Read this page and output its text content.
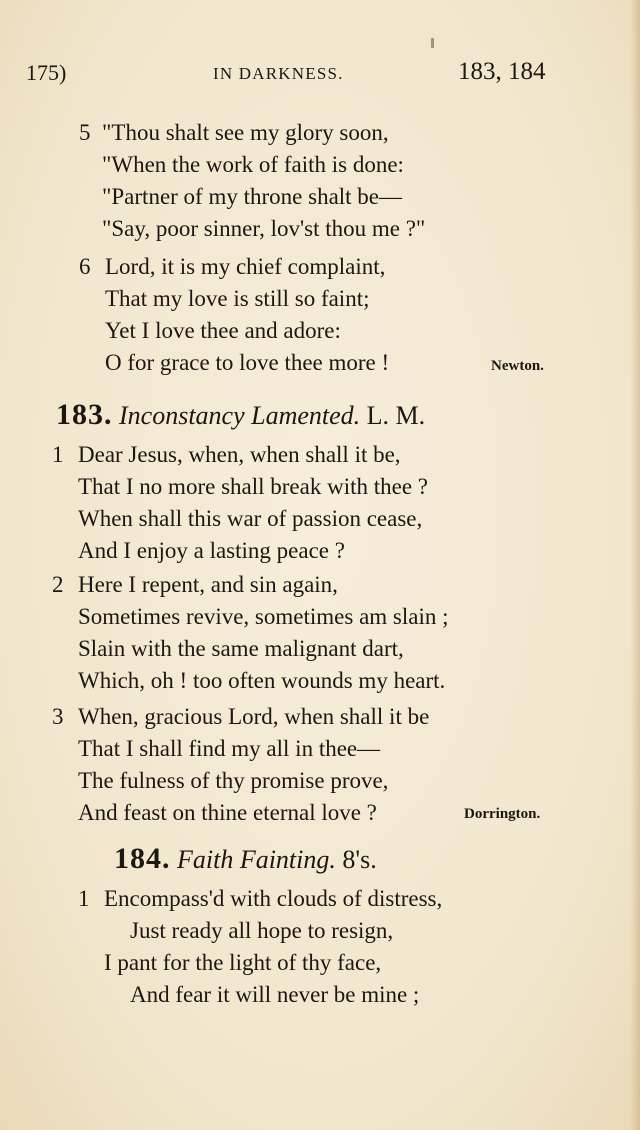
175)	IN DARKNESS.	183, 184
5 "Thou shalt see my glory soon,
"When the work of faith is done:
"Partner of my throne shalt be—
"Say, poor sinner, lov'st thou me ?"
6 Lord, it is my chief complaint,
That my love is still so faint;
Yet I love thee and adore:
O for grace to love thee more !	Newton.
183. Inconstancy Lamented. L. M.
1 Dear Jesus, when, when shall it be,
That I no more shall break with thee ?
When shall this war of passion cease,
And I enjoy a lasting peace ?
2 Here I repent, and sin again,
Sometimes revive, sometimes am slain ;
Slain with the same malignant dart,
Which, oh ! too often wounds my heart.
3 When, gracious Lord, when shall it be
That I shall find my all in thee—
The fulness of thy promise prove,
And feast on thine eternal love ?	Dorrington.
184. Faith Fainting. 8's.
1 Encompass'd with clouds of distress,
Just ready all hope to resign,
I pant for the light of thy face,
And fear it will never be mine ;
